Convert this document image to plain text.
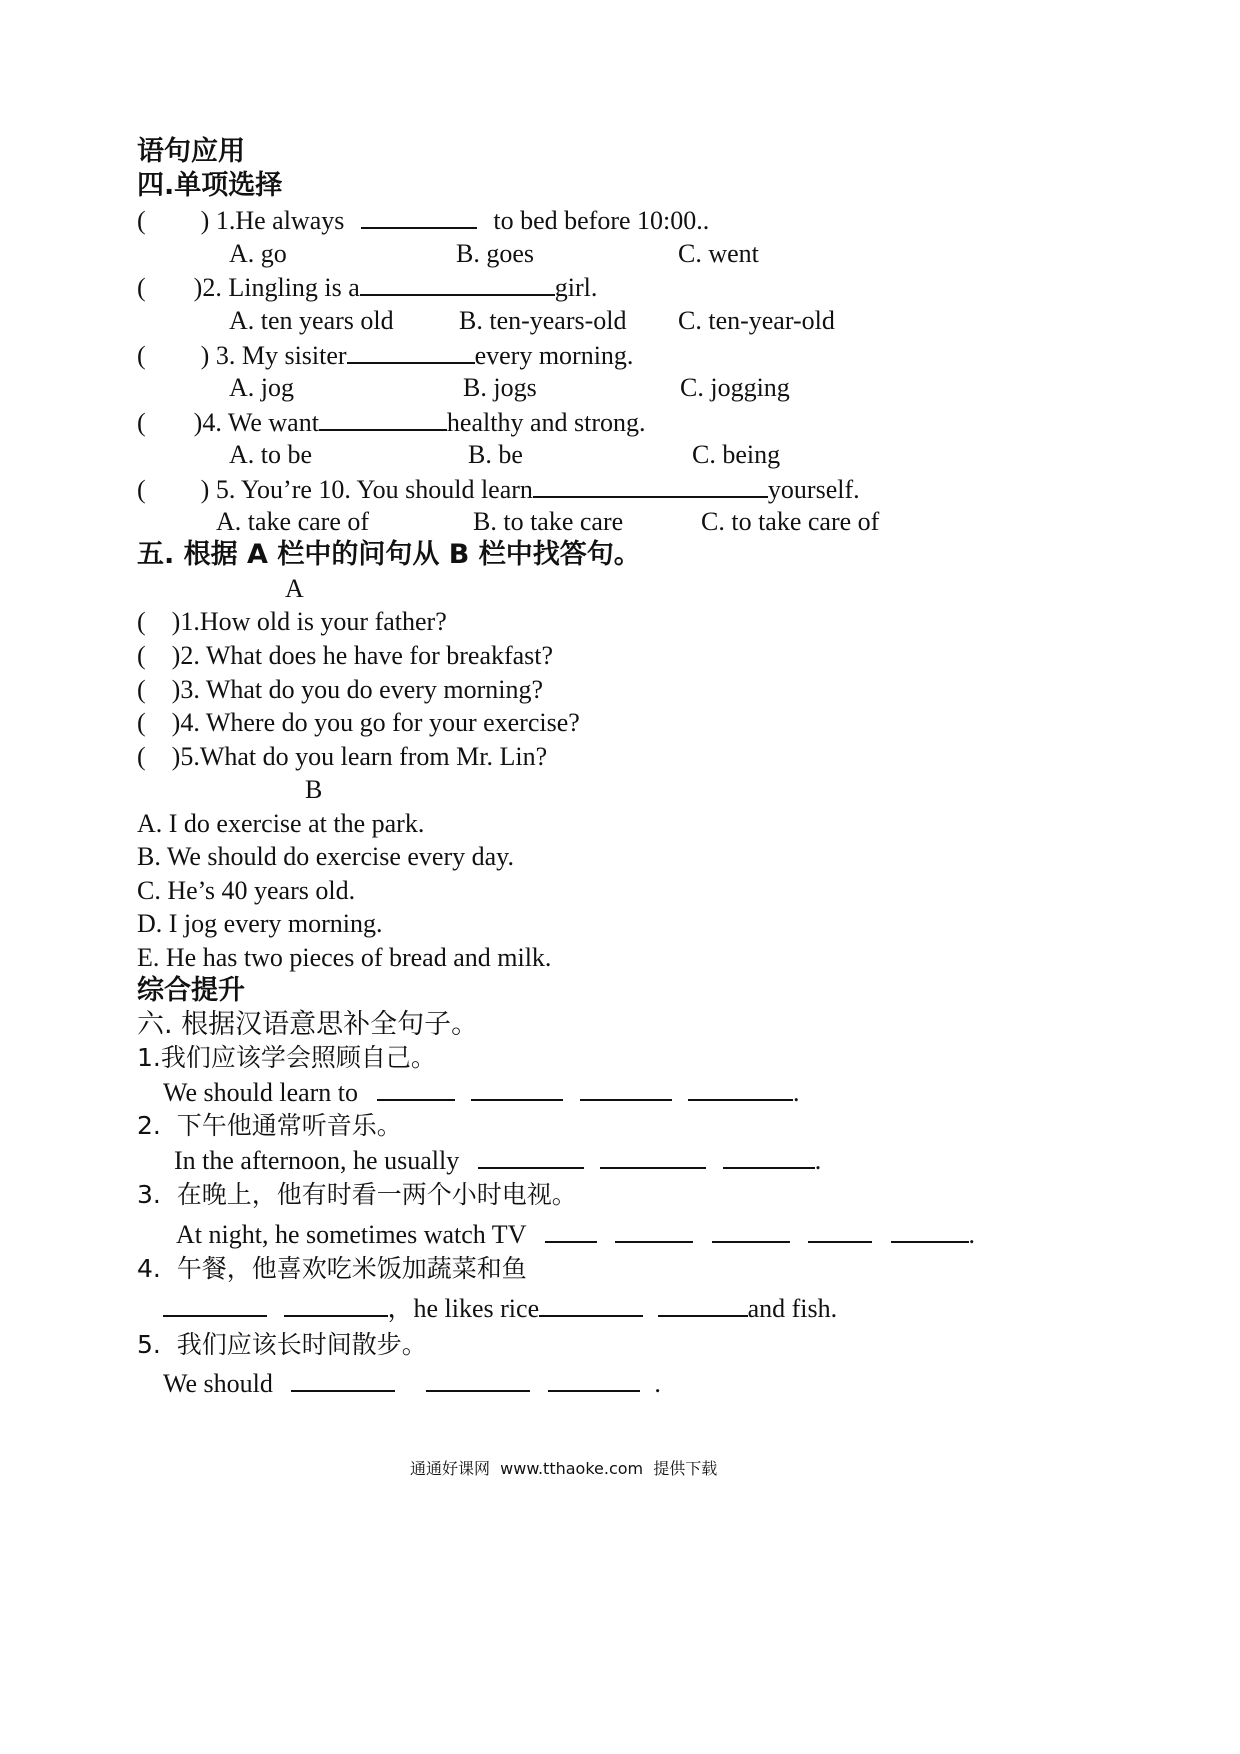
语句应用
四.单项选择
( ) 1.He always	to bed before 10:00..
A. go	B. goes	C. went
( )2. Lingling is a	girl.
A. ten years old	B. ten-years-old C. ten-year-old
( ) 3. My sisiter	every morning.
A. jog	B. jogs	C. jogging
( )4. We want	healthy and strong.
A. to be	B. be	C. being
( ) 5. You’re 10. You should learn	yourself.
A. take care of	B. to take care	C. to take care of
五. 根据 A 栏中的问句从 B 栏中找答句。
A
(    )1.How old is your father?
(    )2. What does he have for breakfast?
(    )3. What do you do every morning?
(    )4. Where do you go for your exercise?
(    )5.What do you learn from Mr. Lin?
B
A. I do exercise at the park.
B. We should do exercise every day.
C. He’s 40 years old.
D. I jog every morning.
E. He has two pieces of bread and milk.
综合提升
六. 根据汉语意思补全句子。
1.我们应该学会照顾自己。
We should learn to	.
2.  下午他通常听音乐。
In the afternoon, he usually	.
3.  在晚上，他有时看一两个小时电视。
At night, he sometimes watch TV	.
4.  午餐，他喜欢吃米饭加蔬菜和鱼
，he likes rice	and fish.
5.  我们应该长时间散步。
We should	.
通通好课网  www.tthaoke.com  提供下载
